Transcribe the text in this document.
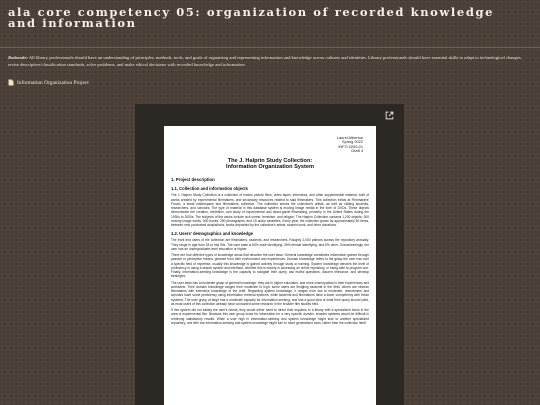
ala core competency 05: organization of recorded knowledge and information

Rationale: All library professionals should have an understanding of principles, methods, tools, and goals of organizing and representing information and knowledge across cultures and identities. Library professionals should have essential skills to adapt to technological changes, revise descriptive/classification standards, solve problems, and make ethical decisions with recorded knowledge and information.

Information Organization Project
Laurel Albertoe
Spring 2022
INFO 0200-01
Draft 4
The J. Halprin Study Collection:
Information Organization System
1. Project description
1.1. Collection and information objects

The J. Halprin Study Collection is a collection of motion picture films, video tapes, interviews, and other supplemental material, both of works created by experimental filmmakers, and secondary resources related to said filmmakers. This collection exists at Filmmakers' Forum, a small makerspace and filmmakers' collective. The collection serves the collective's artists, as well as visiting students, researchers, and scholars. The type of material in this database system is moving image media in the form of DVDs. These objects demonstrate the creation, exhibition, and study of experimental and avant-garde filmmaking, primarily in the United States during the 1930s to 2000s. The subjects of the works include civil unrest, feminism, and religion. The Halprin Collection contains 1,200 objects; 300 moving image works, 500 books, 250 photographs, and 15 audio cassettes. Every year, the collection grows by approximately 50 items, between new purchased acquisitions, works deposited by the collective's artists, student work, and other donations.

1.2. Users' demographics and knowledge

The front end users of the collection are filmmakers, students, and researchers. Roughly 2,000 patrons access the repository annually. They range in age from 18 to mid 90s. The user base is 60% male identifying, 39% female identifying, and 6% other. Overwhelmingly, the user has an undergraduate-level education or higher.

There are four different types of knowledge areas that describe the user base: General knowledge constitutes information gained through passive or perceptive means, gleaned from their environment and experiences. Domain knowledge refers to the grasp the user has over a specific field of expertise, usually this knowledge is gained actively through study or training. System knowledge denotes the level of proficiency in using a search system and interface, whether this is merely in accessing an online repository, or being able to program one. Finally, information-seeking knowledge is the capacity to navigate their query, ask fruitful questions, discern relevance, and develop strategies.

The user base has a moderate grasp of general knowledge: they are in higher education, and more cosmopolitan in their experiences and worldview. Their domain knowledge ranges from moderate to high: some users are fledgling students in the field, others are veteran filmmakers with extensive knowledge of the craft. Regarding system knowledge, it ranges from low to moderate; researchers and scholars have some proficiency using information retrieval systems, while students and filmmakers have a lower competency with these systems. The user group at large has a moderate capacity for information seeking, and has a good idea of what their query should yield, as most users of this collection already have conducted some research in the broader film studies field.

If this system did not satisfy the user's needs, they would either need to direct their inquiries to a library with a specialized focus in the area of experimental film. Because this user group looks for information for a very specific domain, broader systems would be difficult in retrieving satisfactory results. While a user high in information-seeking and system knowledge might look to another specialized repository, one with low information-seeking and system knowledge might turn to more generalized tools, rather than the collection itself.
